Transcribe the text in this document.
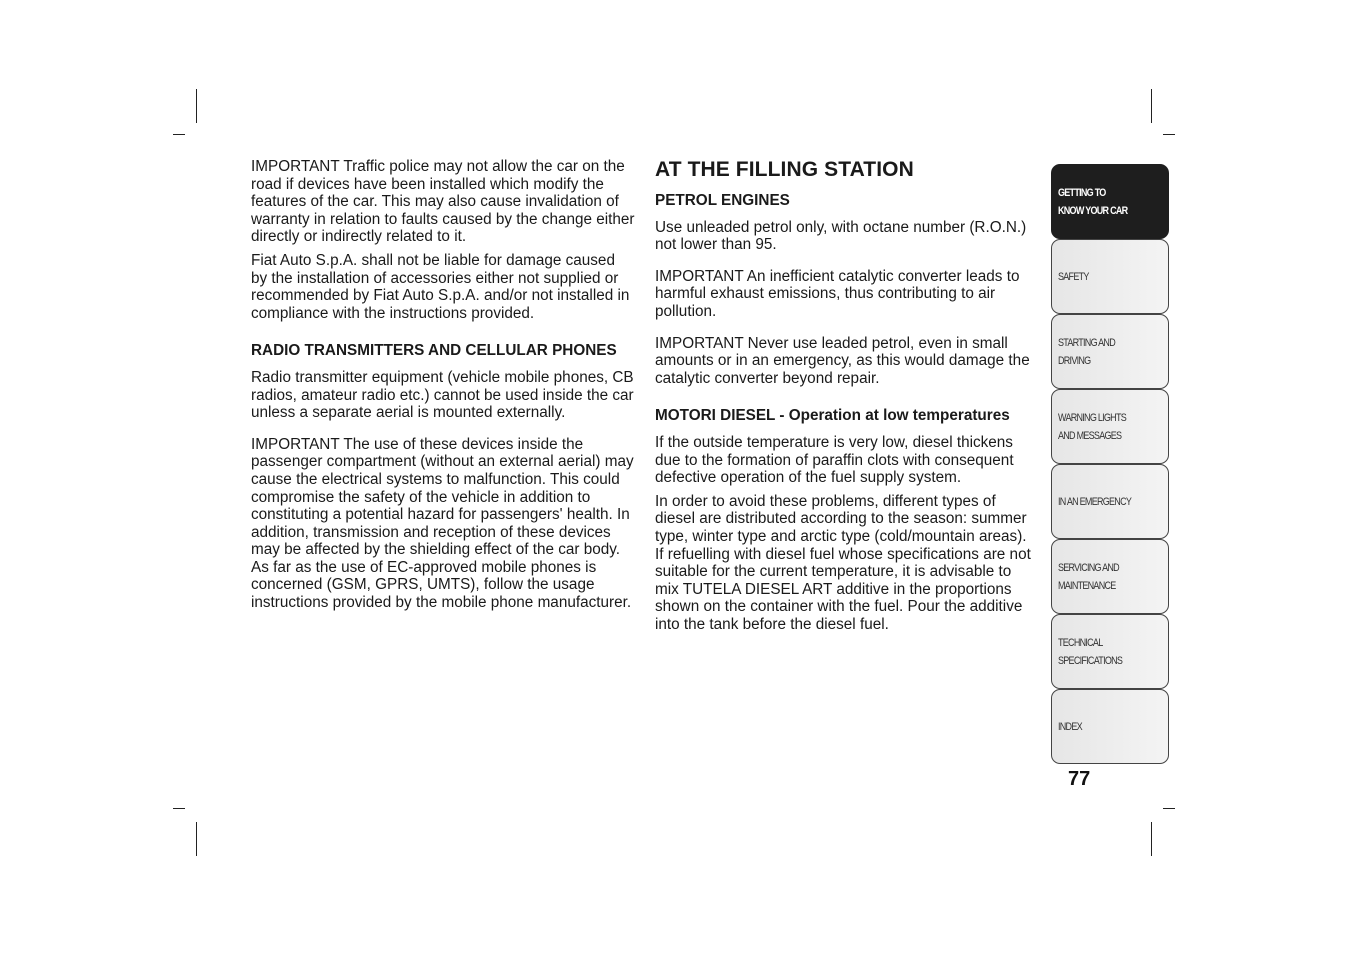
IMPORTANT Traffic police may not allow the car on the road if devices have been installed which modify the features of the car. This may also cause invalidation of warranty in relation to faults caused by the change either directly or indirectly related to it.

Fiat Auto S.p.A. shall not be liable for damage caused by the installation of accessories either not supplied or recommended by Fiat Auto S.p.A. and/or not installed in compliance with the instructions provided.

RADIO TRANSMITTERS AND CELLULAR PHONES

Radio transmitter equipment (vehicle mobile phones, CB radios, amateur radio etc.) cannot be used inside the car unless a separate aerial is mounted externally.

IMPORTANT The use of these devices inside the passenger compartment (without an external aerial) may cause the electrical systems to malfunction. This could compromise the safety of the vehicle in addition to constituting a potential hazard for passengers' health. In addition, transmission and reception of these devices may be affected by the shielding effect of the car body. As far as the use of EC-approved mobile phones is concerned (GSM, GPRS, UMTS), follow the usage instructions provided by the mobile phone manufacturer.

AT THE FILLING STATION
PETROL ENGINES

Use unleaded petrol only, with octane number (R.O.N.) not lower than 95.

IMPORTANT An inefficient catalytic converter leads to harmful exhaust emissions, thus contributing to air pollution.

IMPORTANT Never use leaded petrol, even in small amounts or in an emergency, as this would damage the catalytic converter beyond repair.

MOTORI DIESEL - Operation at low temperatures

If the outside temperature is very low, diesel thickens due to the formation of paraffin clots with consequent defective operation of the fuel supply system.

In order to avoid these problems, different types of diesel are distributed according to the season: summer type, winter type and arctic type (cold/mountain areas). If refuelling with diesel fuel whose specifications are not suitable for the current temperature, it is advisable to mix TUTELA DIESEL ART additive in the proportions shown on the container with the fuel. Pour the additive into the tank before the diesel fuel.

GETTING TO
KNOW YOUR CAR
SAFETY
STARTING AND
DRIVING
WARNING LIGHTS
AND MESSAGES
IN AN EMERGENCY
SERVICING AND
MAINTENANCE
TECHNICAL
SPECIFICATIONS
INDEX
77
